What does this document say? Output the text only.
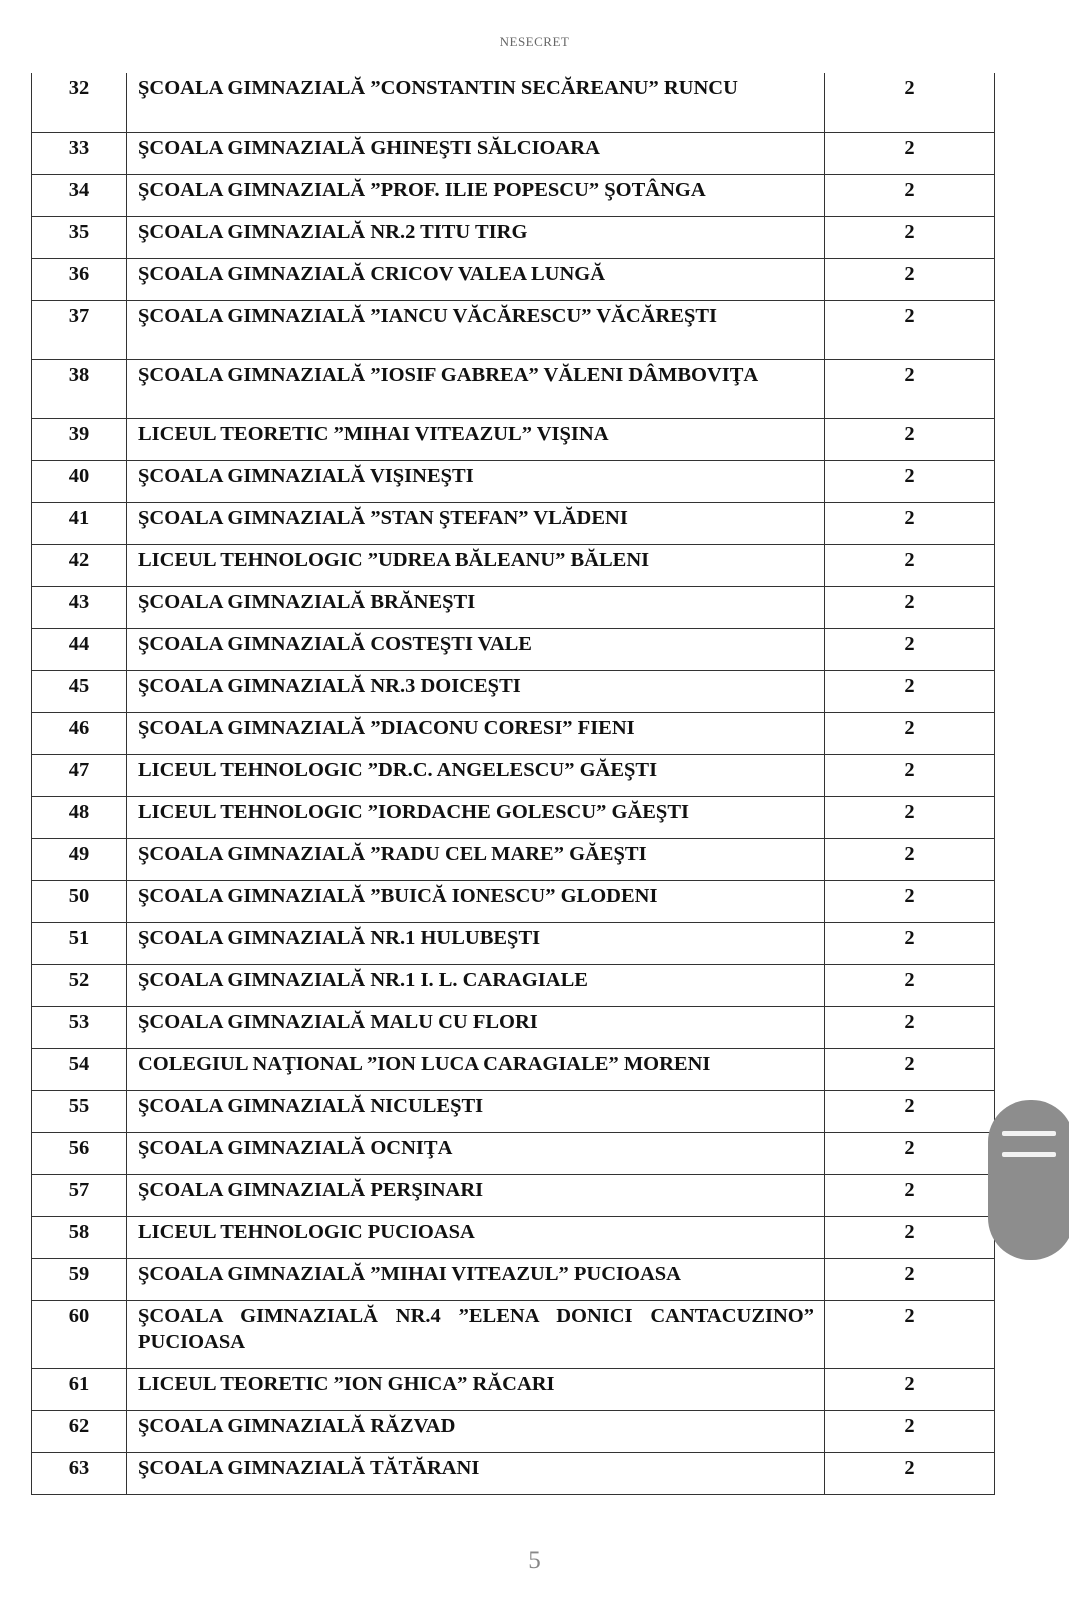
NESECRET
32	ŞCOALA GIMNAZIALĂ ”CONSTANTIN SECĂREANU” RUNCU	2
33	ŞCOALA GIMNAZIALĂ GHINEŞTI SĂLCIOARA	2
34	ŞCOALA GIMNAZIALĂ ”PROF. ILIE POPESCU” ŞOTÂNGA	2
35	ŞCOALA GIMNAZIALĂ NR.2 TITU TIRG	2
36	ŞCOALA GIMNAZIALĂ CRICOV VALEA LUNGĂ	2
37	ŞCOALA GIMNAZIALĂ ”IANCU VĂCĂRESCU” VĂCĂREŞTI	2
38	ŞCOALA GIMNAZIALĂ ”IOSIF GABREA” VĂLENI DÂMBOVIŢA	2
39	LICEUL TEORETIC ”MIHAI VITEAZUL” VIŞINA	2
40	ŞCOALA GIMNAZIALĂ VIŞINEŞTI	2
41	ŞCOALA GIMNAZIALĂ ”STAN ŞTEFAN” VLĂDENI	2
42	LICEUL TEHNOLOGIC ”UDREA BĂLEANU” BĂLENI	2
43	ŞCOALA GIMNAZIALĂ BRĂNEŞTI	2
44	ŞCOALA GIMNAZIALĂ COSTEŞTI VALE	2
45	ŞCOALA GIMNAZIALĂ NR.3 DOICEŞTI	2
46	ŞCOALA GIMNAZIALĂ ”DIACONU CORESI” FIENI	2
47	LICEUL TEHNOLOGIC ”DR.C. ANGELESCU” GĂEŞTI	2
48	LICEUL TEHNOLOGIC ”IORDACHE GOLESCU” GĂEŞTI	2
49	ŞCOALA GIMNAZIALĂ ”RADU CEL MARE” GĂEŞTI	2
50	ŞCOALA GIMNAZIALĂ ”BUICĂ IONESCU” GLODENI	2
51	ŞCOALA GIMNAZIALĂ NR.1 HULUBEŞTI	2
52	ŞCOALA GIMNAZIALĂ NR.1 I. L. CARAGIALE	2
53	ŞCOALA GIMNAZIALĂ MALU CU FLORI	2
54	COLEGIUL NAŢIONAL ”ION LUCA CARAGIALE” MORENI	2
55	ŞCOALA GIMNAZIALĂ NICULEŞTI	2
56	ŞCOALA GIMNAZIALĂ OCNIŢA	2
57	ŞCOALA GIMNAZIALĂ PERŞINARI	2
58	LICEUL TEHNOLOGIC PUCIOASA	2
59	ŞCOALA GIMNAZIALĂ ”MIHAI VITEAZUL” PUCIOASA	2
60	ŞCOALA GIMNAZIALĂ NR.4 ”ELENA DONICI CANTACUZINO” PUCIOASA	2
61	LICEUL TEORETIC ”ION GHICA” RĂCARI	2
62	ŞCOALA GIMNAZIALĂ RĂZVAD	2
63	ŞCOALA GIMNAZIALĂ TĂTĂRANI	2
5
